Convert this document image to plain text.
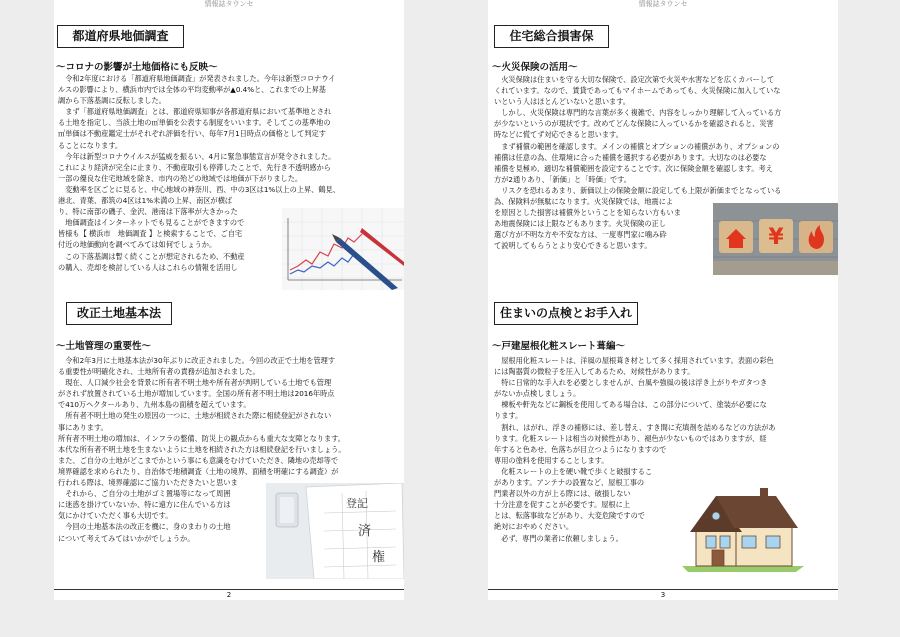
情報誌タウンセ
都道府県地価調査
～コロナの影響が土地価格にも反映～

　令和2年度における「都道府県地価調査」が発表されました。今年は新型コロナウイ

ルスの影響により、横浜市内では全体の平均変動率が▲0.4%と、これまでの上昇基

調から下落基調に反転しました。

　まず「都道府県地価調査」とは、都道府県知事が各都道府県において基準地とされ

る土地を指定し、当該土地の㎡単価を公表する制度をいいます。そしてこの基準地の

㎡単価は不動産鑑定士がそれぞれ評価を行い、毎年7月1日時点の価格として判定す

ることになります。

　今年は新型コロナウイルスが猛威を振るい、4月に緊急事態宣言が発令されました。

これにより経済が完全に止まり、不動産取引も停滞したことで、先行き不透明感から

一部の優良な住宅地域を除き、市内の殆どの地域では地価が下がりました。

　変動率を区ごとに見ると、中心地域の神奈川、西、中の3区は1%以上の上昇、鶴見、

港北、青葉、都筑の4区は1%未満の上昇、南区が横ば

り、特に南部の磯子、金沢、港南は下落率が大きかった

　地価調査はインターネットでも見ることができますので

皆様も【 横浜市　地価調査 】と検索することで、ご自宅

付近の地価動向を調べてみては如何でしょうか。

　この下落基調は暫く続くことが想定されるため、不動産

の購入、売却を検討している人はこれらの情報を活用し

改正土地基本法
～土地管理の重要性～

　令和2年3月に土地基本法が30年ぶりに改正されました。今回の改正で土地を管理す

る重要性が明確化され、土地所有者の責務が追加されました。

　現在、人口減少社会を背景に所有者不明土地や所有者が判明している土地でも管理

がされず放置されている土地が増加しています。全国の所有者不明土地は2016年時点

で410万ヘクタールあり、九州本島の面積を超えています。

　所有者不明土地の発生の原因の一つに、土地が相続された際に相続登記がされない

事にあります。

所有者不明土地の増加は、インフラの整備、防災上の観点からも重大な支障となります。

本代な所有者不明土地を生まないように土地を相続された方は相続登記を行いましょう。

また、ご自分の土地がどこまでかという事にも意識をむけていただき、隣地の売却等で

境界確認を求められたり、自治体で地積調査（土地の境界、面積を明確にする調査）が

行われる際は、境界確認にご協力いただきたいと思いま

　それから、ご自分の土地がゴミ置場等になって周囲

に迷惑を掛けていないか、特に遠方に住んでいる方は

気にかけていただく事も大切です。

　今回の土地基本法の改正を機に、身のまわりの土地

について考えてみてはいかがでしょうか。

登記
済
権
2
情報誌タウンセ
住宅総合損害保
～火災保険の活用～

　火災保険は住まいを守る大切な保険で、設定次第で火災や水害などを広くカバーして

くれています。なので、賃貸であってもマイホームであっても、火災保険に加入していな

いという人はほとんどいないと思います。

　しかし、火災保険は専門的な言葉が多く複雑で、内容をしっかり理解して入っている方

が少ないというのが現状です。改めてどんな保険に入っているかを確認されると、災害

時などに慌てず対応できると思います。

　まず補償の範囲を確認します。メインの補償とオプションの補償があり、オプションの

補償は任意の為、住環境に合った補償を選択する必要があります。大切なのは必要な

補償を見極め、適切な補償範囲を設定することです。次に保険金額を確認します。考え

方が2通りあり、「新価」と「時価」です。

　リスクを恐れるあまり、新価以上の保険金額に設定しても上限が新価までとなっている

為、保険料が無駄になります。火災保険では、地震によ

を原因とした損害は補償外ということを知らない方もいま

あ地震保険には上限などもあります。火災保険の正し

選び方が不明な方や不安な方は、一度専門家に噛み砕

て説明してもらうとより安心できると思います。	¥
住まいの点検とお手入れ
～戸建屋根化粧スレート葺編～

　屋根用化粧スレートは、洋風の屋根葺き材として多く採用されています。表面の彩色

には陶器質の微粒子を圧入してあるため、対候性があります。

　特に日常的な手入れを必要としませんが、台風や強風の後は浮き上がりやガタつき

がないか点検しましょう。

　棟板や軒先などに鋼板を使用してある場合は、この部分について、塗装が必要にな

ります。

　割れ、はがれ、浮きの補修には、差し替え、すき間に充填剤を詰めるなどの方法があ

ります。化粧スレートは相当の対候性があり、褪色が少ないものではありますが、経

年すると色あせ、色落ちが目立つようになりますので

専用の塗料を使用することします。

　化粧スレートの上を硬い靴で歩くと破損するこ

があります。アンテナの設置など、屋根工事の

門業者以外の方が上る際には、破損しない

十分注意を促すことが必要です。屋根に上

とは、転落事故などがあり、大変危険ですので

絶対におやめください。

　必ず、専門の業者に依頼しましょう。

3
